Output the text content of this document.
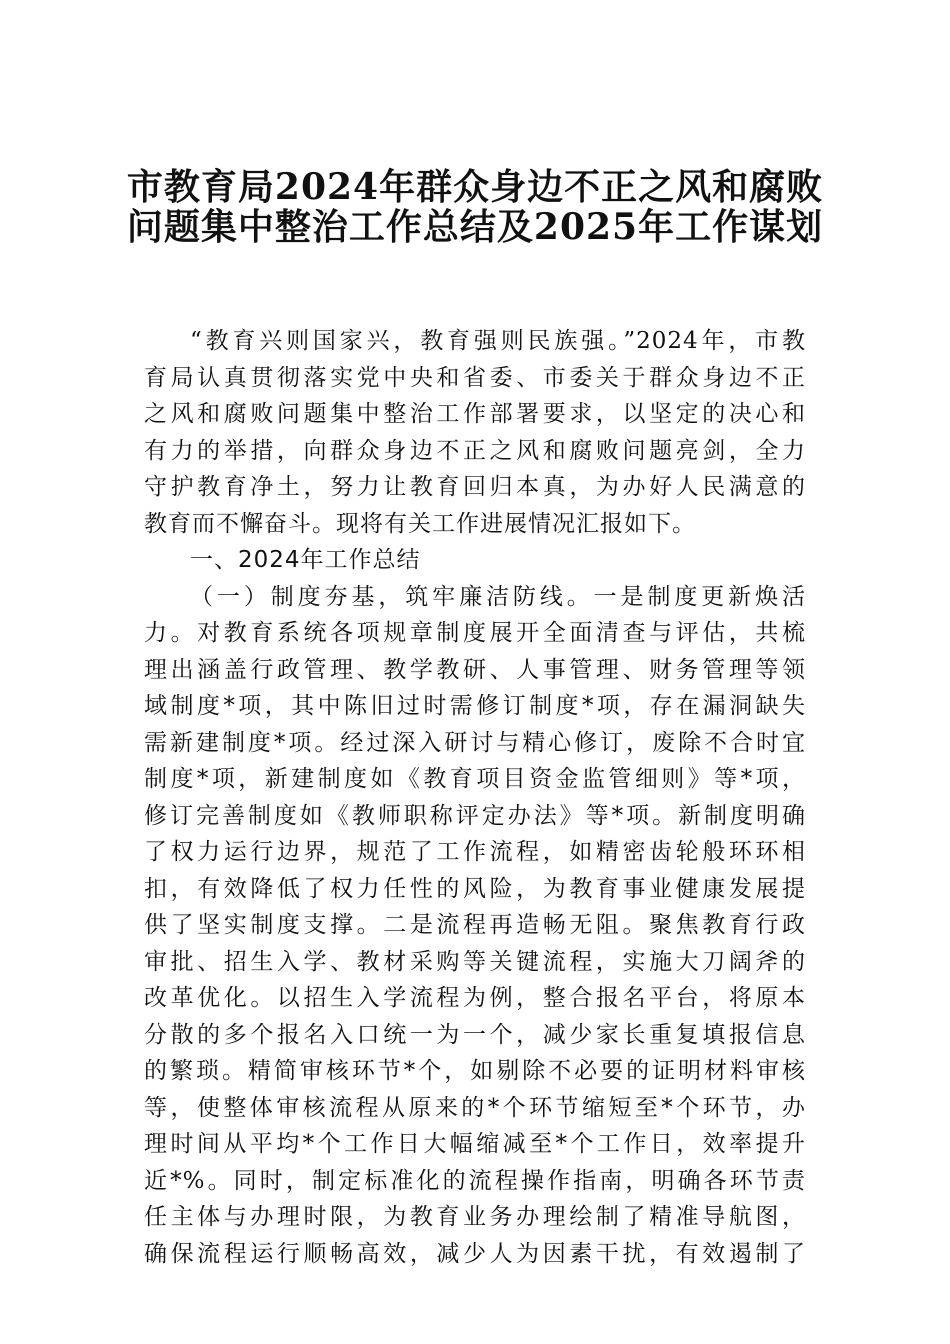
市教育局2024年群众身边不正之风和腐败
问题集中整治工作总结及2025年工作谋划
“教育兴则国家兴，教育强则民族强。”2024年，市教
育局认真贯彻落实党中央和省委、市委关于群众身边不正
之风和腐败问题集中整治工作部署要求，以坚定的决心和
有力的举措，向群众身边不正之风和腐败问题亮剑，全力
守护教育净土，努力让教育回归本真，为办好人民满意的
教育而不懈奋斗。现将有关工作进展情况汇报如下。
一、2024年工作总结
（一）制度夯基，筑牢廉洁防线。一是制度更新焕活
力。对教育系统各项规章制度展开全面清查与评估，共梳
理出涵盖行政管理、教学教研、人事管理、财务管理等领
域制度*项，其中陈旧过时需修订制度*项，存在漏洞缺失
需新建制度*项。经过深入研讨与精心修订，废除不合时宜
制度*项，新建制度如《教育项目资金监管细则》等*项，
修订完善制度如《教师职称评定办法》等*项。新制度明确
了权力运行边界，规范了工作流程，如精密齿轮般环环相
扣，有效降低了权力任性的风险，为教育事业健康发展提
供了坚实制度支撑。二是流程再造畅无阻。聚焦教育行政
审批、招生入学、教材采购等关键流程，实施大刀阔斧的
改革优化。以招生入学流程为例，整合报名平台，将原本
分散的多个报名入口统一为一个，减少家长重复填报信息
的繁琐。精简审核环节*个，如剔除不必要的证明材料审核
等，使整体审核流程从原来的*个环节缩短至*个环节，办
理时间从平均*个工作日大幅缩减至*个工作日，效率提升
近*%。同时，制定标准化的流程操作指南，明确各环节责
任主体与办理时限，为教育业务办理绘制了精准导航图，
确保流程运行顺畅高效，减少人为因素干扰，有效遏制了
